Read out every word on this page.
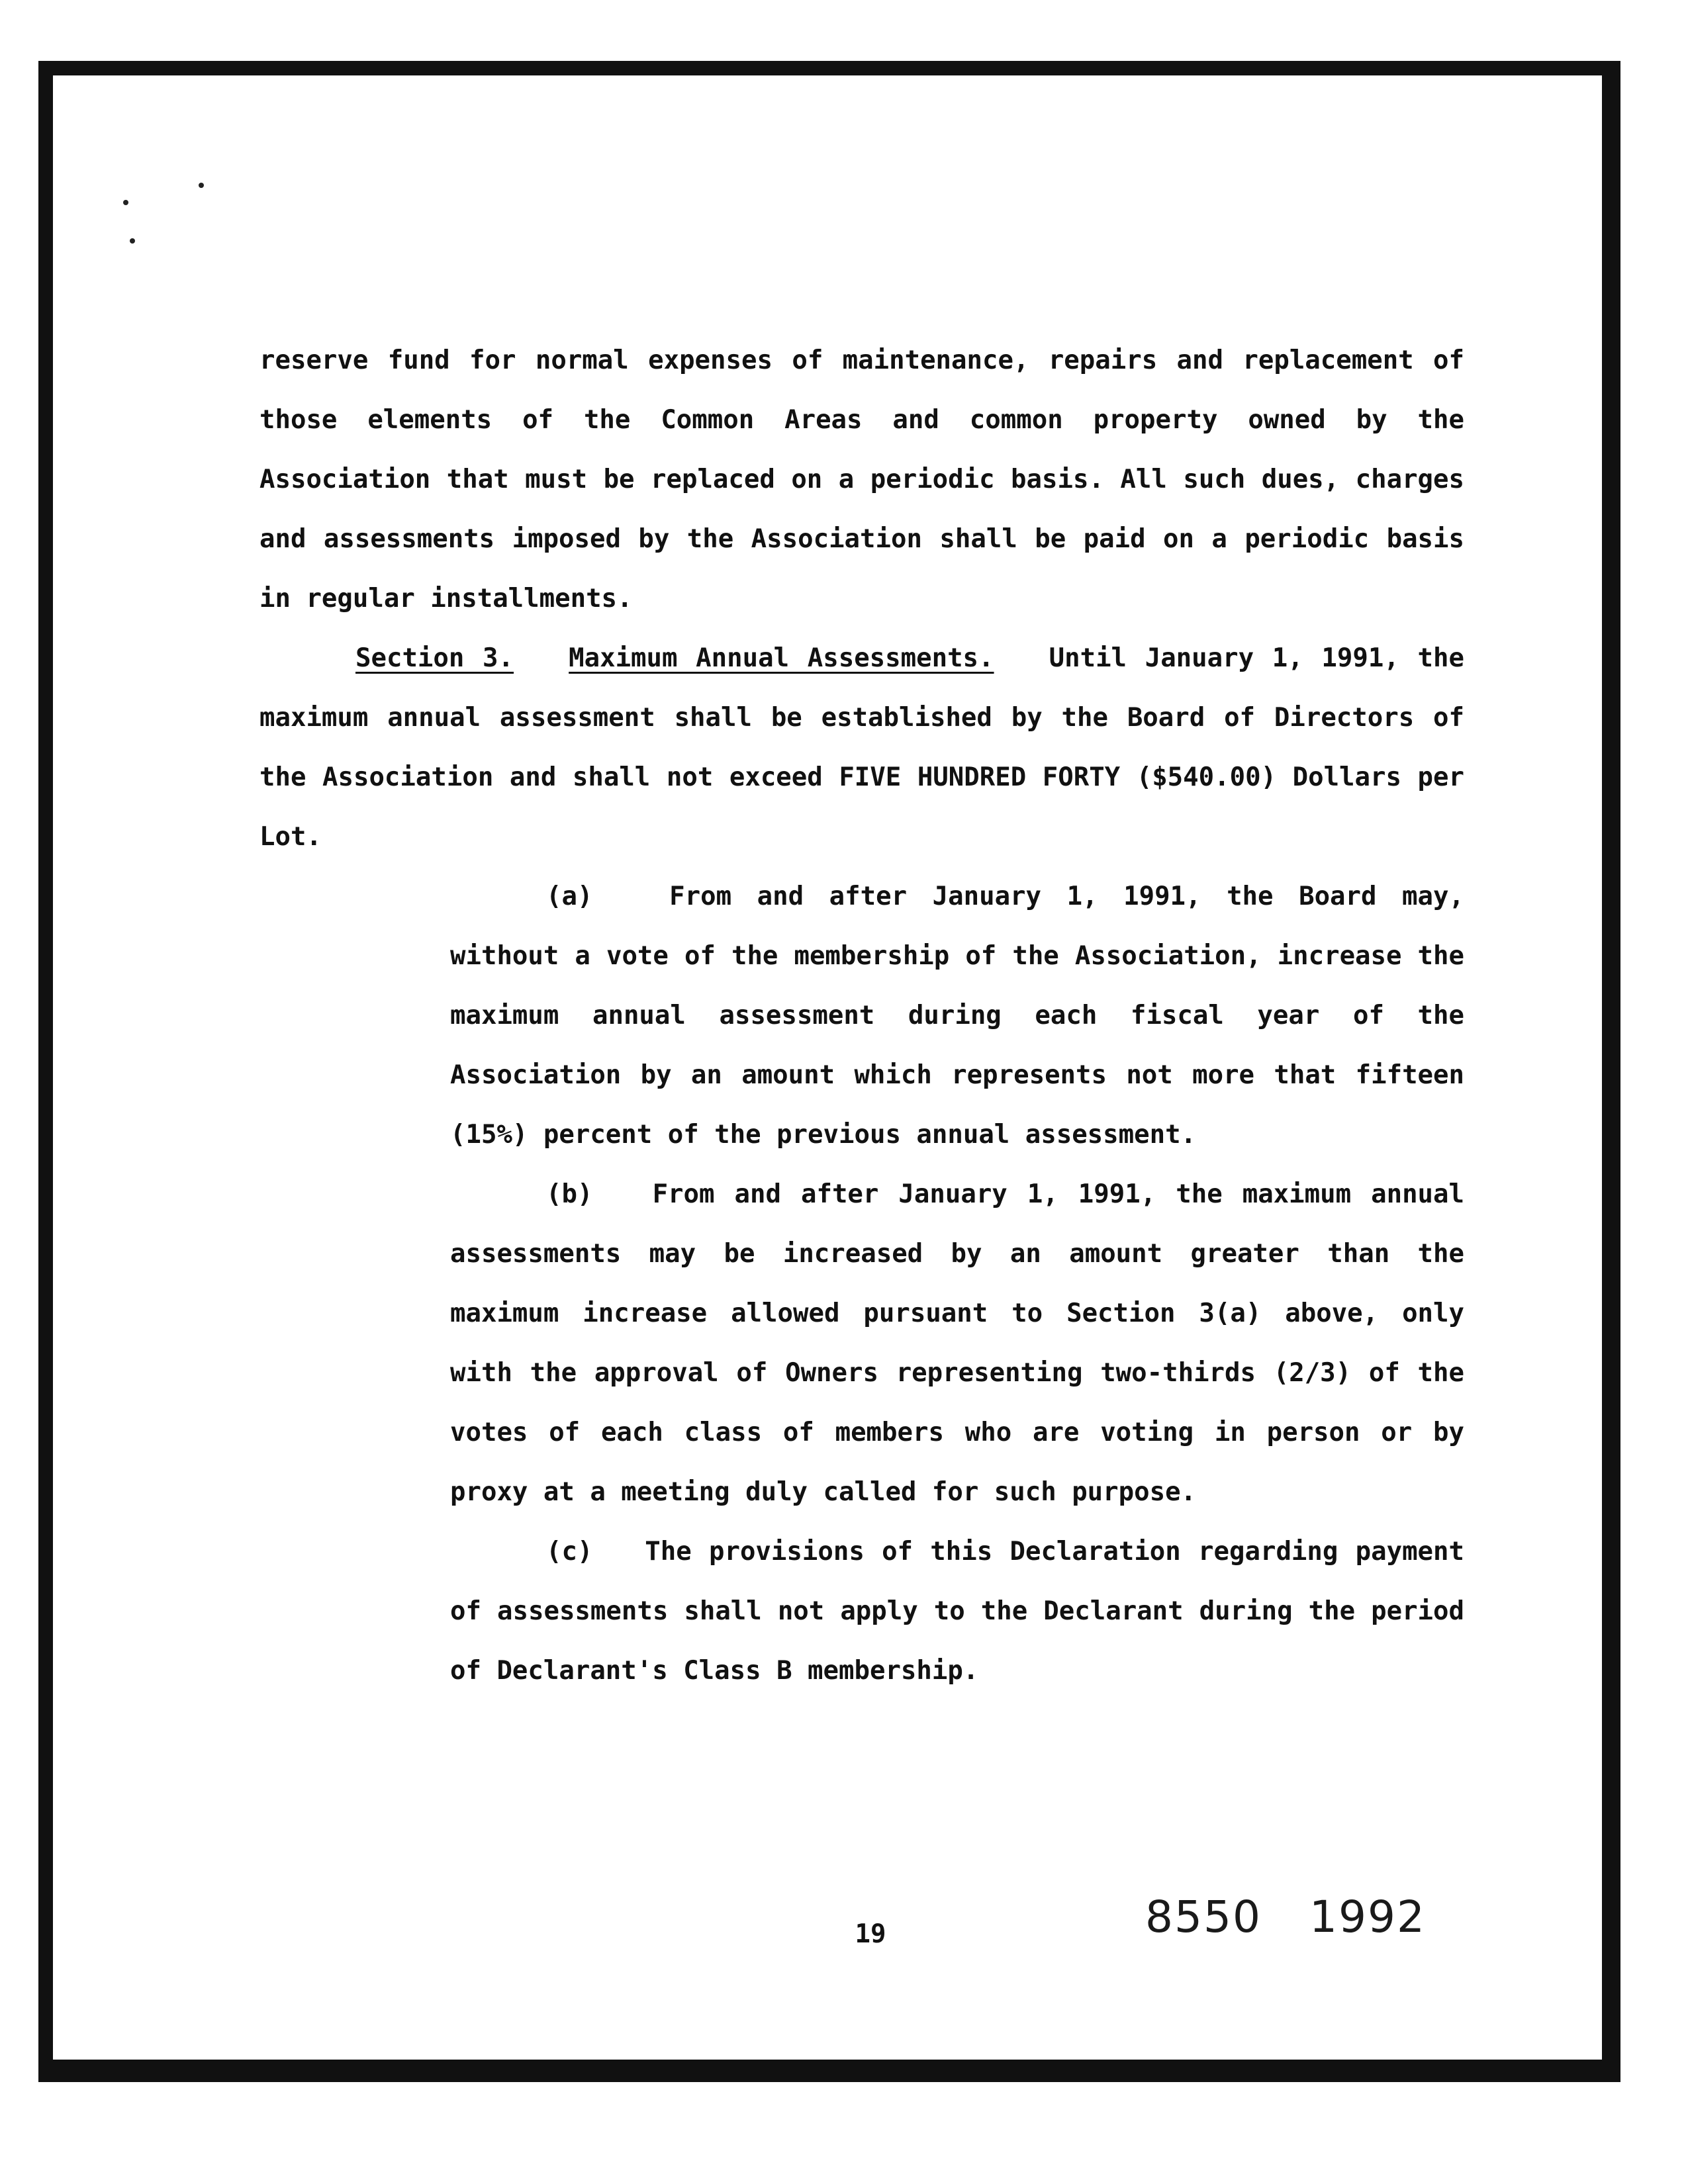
reserve fund for normal expenses of maintenance, repairs and replacement of those elements of the Common Areas and common property owned by the Association that must be replaced on a periodic basis. All such dues, charges and assessments imposed by the Association shall be paid on a periodic basis in regular installments.

Section 3. Maximum Annual Assessments. Until January 1, 1991, the maximum annual assessment shall be established by the Board of Directors of the Association and shall not exceed FIVE HUNDRED FORTY ($540.00) Dollars per Lot.

(a)	From and after January 1, 1991, the Board may, without a vote of the membership of the Association, increase the maximum annual assessment during each fiscal year of the Association by an amount which represents not more that fifteen (15%) percent of the previous annual assessment.

(b) From and after January 1, 1991, the maximum annual assessments may be increased by an amount greater than the maximum increase allowed pursuant to Section 3(a) above, only with the approval of Owners representing two-thirds (2/3) of the votes of each class of members who are voting in person or by proxy at a meeting duly called for such purpose.

(c) The provisions of this Declaration regarding payment of assessments shall not apply to the Declarant during the period of Declarant's Class B membership.

19	8550 1992
